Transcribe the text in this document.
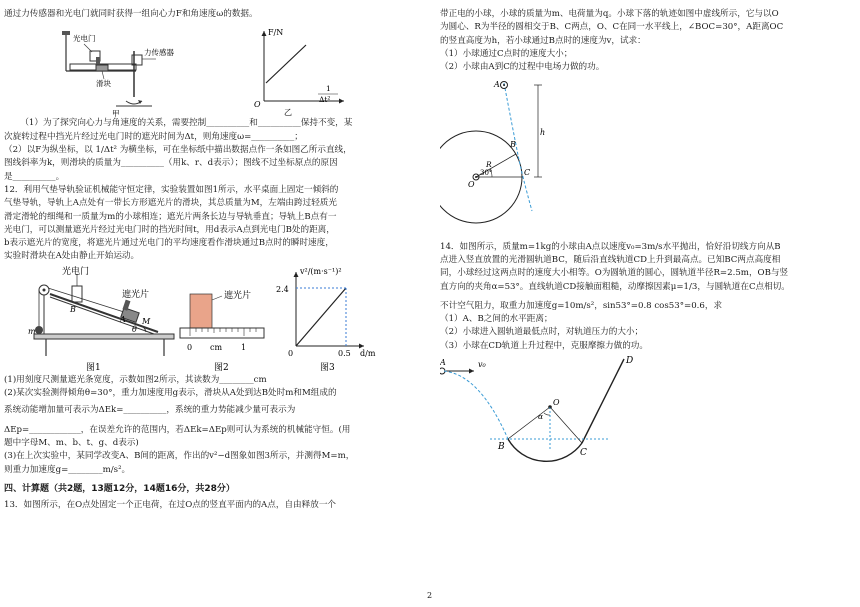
通过力传感器和光电门就同时获得一组向心力F和角速度ω的数据。

光电门
力传感器
滑块
甲
F/N
O
1
Δt²
乙

（1）为了探究向心力与角速度的关系，需要控制__________和__________保持不变，某

次旋转过程中挡光片经过光电门时的遮光时间为Δt，则角速度ω=__________；

（2）以F为纵坐标，以 1/Δt² 为横坐标，可在坐标纸中描出数据点作一条如图乙所示直线，

图线斜率为k，则滑块的质量为__________（用k、r、d表示）；图线不过坐标原点的原因

是__________。

12．利用气垫导轨验证机械能守恒定律，实验装置如图1所示，水平桌面上固定一倾斜的

气垫导轨，导轨上A点处有一带长方形遮光片的滑块，其总质量为M，左端由跨过轻质光

滑定滑轮的细绳和一质量为m的小球相连；遮光片两条长边与导轨垂直；导轨上B点有一

光电门，可以测量遮光片经过光电门时的挡光时间t，用d表示A点到光电门B处的距离，

b表示遮光片的宽度，将遮光片通过光电门的平均速度看作滑块通过B点时的瞬时速度，

实验时滑块在A处由静止开始运动。

光电门
遮光片
B
A M
θ
m
图1
遮光片
0 cm 1
图2
v²/(m·s⁻¹)²
2.4
0.5 d/m
0
图3

(1)用刻度尺测量遮光条宽度，示数如图2所示，其读数为________cm

(2)某次实验测得倾角θ=30°，重力加速度用g表示，滑块从A处到达B处时m和M组成的

系统动能增加量可表示为ΔEk=__________，系统的重力势能减少量可表示为

ΔEp=____________，在误差允许的范围内，若ΔEk=ΔEp则可认为系统的机械能守恒。(用

题中字母M、m、b、t、g、d表示)

(3)在上次实验中，某同学改变A、B间的距离，作出的v²−d图象如图3所示，并测得M=m，

则重力加速度g=________m/s²。

四、计算题（共2题，13题12分，14题16分，共28分）

13．如图所示，在O点处固定一个正电荷，在过O点的竖直平面内的A点，自由释放一个

带正电的小球，小球的质量为m、电荷量为q。小球下落的轨迹如图中虚线所示，它与以O

为圆心、R为半径的圆相交于B、C两点，O、C在同一水平线上，∠BOC=30°，A距离OC

的竖直高度为h，若小球通过B点时的速度为v，试求：

（1）小球通过C点时的速度大小；

（2）小球由A到C的过程中电场力做的功。

A
B
C
R
h
30°
O

14．如图所示，质量m=1kg的小球由A点以速度v₀=3m/s水平抛出，恰好沿切线方向从B

点进入竖直放置的光滑圆轨道BC，随后沿直线轨道CD上升到最高点。已知BC两点高度相

同，小球经过这两点时的速度大小相等。O为圆轨道的圆心，圆轨道半径R=2.5m，OB与竖

直方向的夹角α=53°。直线轨道CD接触面粗糙，动摩擦因素μ=1/3，与圆轨道在C点相切。

不计空气阻力，取重力加速度g=10m/s²，sin53°=0.8 cos53°=0.6，求

（1）A、B之间的水平距离；

（2）小球进入圆轨道最低点时，对轨道压力的大小；

（3）小球在CD轨道上升过程中，克服摩擦力做的功。

A	v₀	D
O
α
B
C
2
